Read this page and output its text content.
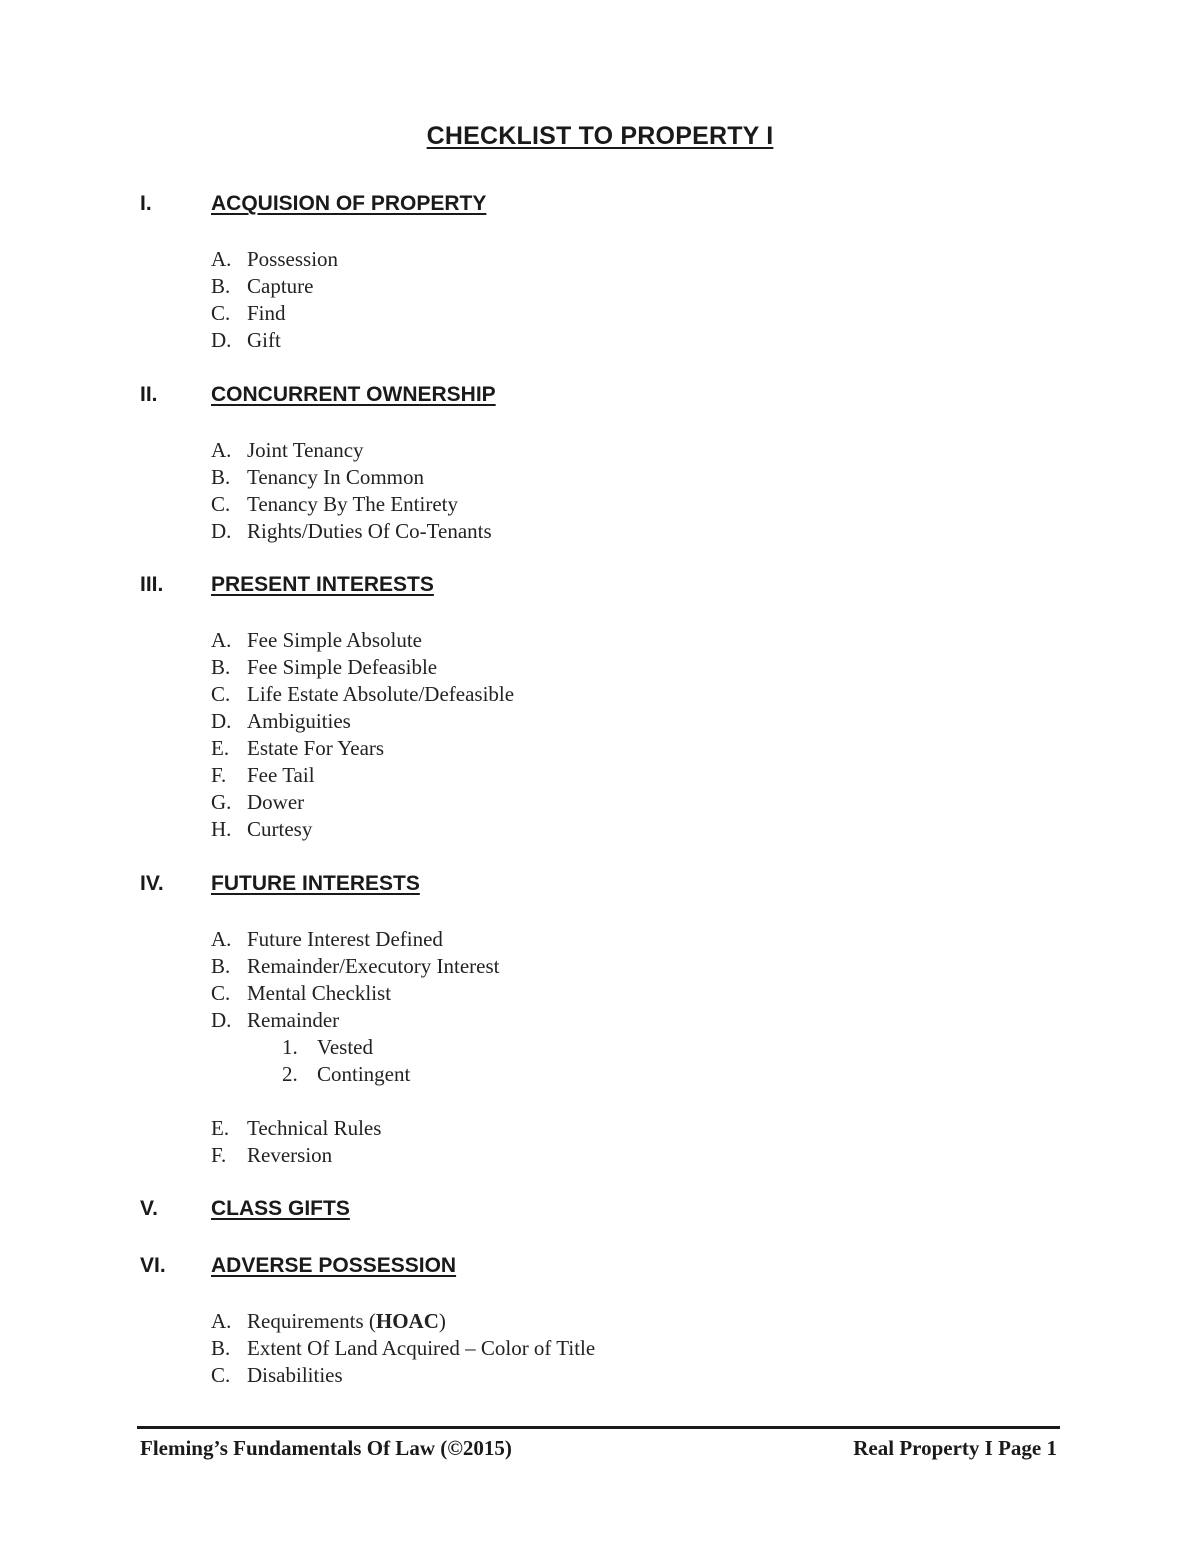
CHECKLIST TO PROPERTY I
I.	ACQUISION OF PROPERTY
A. Possession
B. Capture
C. Find
D. Gift
II.	CONCURRENT OWNERSHIP
A. Joint Tenancy
B. Tenancy In Common
C. Tenancy By The Entirety
D. Rights/Duties Of Co-Tenants
III. PRESENT INTERESTS
A. Fee Simple Absolute
B. Fee Simple Defeasible
C. Life Estate Absolute/Defeasible
D. Ambiguities
E. Estate For Years
F. Fee Tail
G. Dower
H. Curtesy
IV. FUTURE INTERESTS
A. Future Interest Defined
B. Remainder/Executory Interest
C. Mental Checklist
D. Remainder
1. Vested
2. Contingent
E. Technical Rules
F. Reversion
V.	CLASS GIFTS
VI. ADVERSE POSSESSION
A. Requirements (HOAC)
B. Extent Of Land Acquired – Color of Title
C. Disabilities
Fleming’s Fundamentals Of Law (©2015)	Real Property I Page 1
